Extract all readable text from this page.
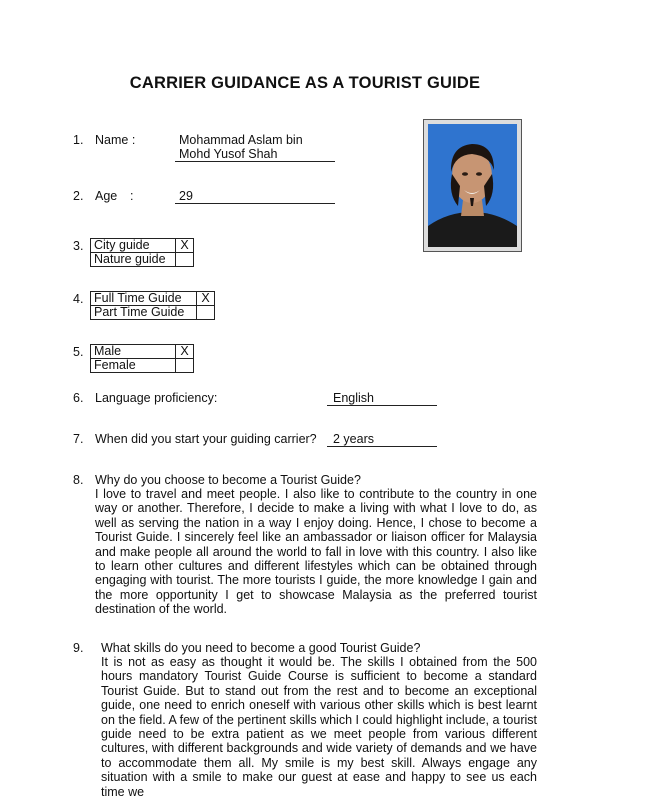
CARRIER GUIDANCE AS A TOURIST GUIDE
1. Name :	Mohammad Aslam bin
Mohd Yusof Shah
2. Age :	29
3. City guide	X
Nature guide	
4. Full Time Guide	X
Part Time Guide	
5. Male	X
Female	
6. Language proficiency:	English
7. When did you start your guiding carrier?	2 years
8. Why do you choose to become a Tourist Guide?
I love to travel and meet people. I also like to contribute to the country in one way or another. Therefore, I decide to make a living with what I love to do, as well as serving the nation in a way I enjoy doing. Hence, I chose to become a Tourist Guide. I sincerely feel like an ambassador or liaison officer for Malaysia and make people all around the world to fall in love with this country. I also like to learn other cultures and different lifestyles which can be obtained through engaging with tourist. The more tourists I guide, the more knowledge I gain and the more opportunity I get to showcase Malaysia as the preferred tourist destination of the world.
9.	What skills do you need to become a good Tourist Guide?
It is not as easy as thought it would be. The skills I obtained from the 500 hours mandatory Tourist Guide Course is sufficient to become a standard Tourist Guide. But to stand out from the rest and to become an exceptional guide, one need to enrich oneself with various other skills which is best learnt on the field. A few of the pertinent skills which I could highlight include, a tourist guide need to be extra patient as we meet people from various different cultures, with different backgrounds and wide variety of demands and we have to accommodate them all. My smile is my best skill. Always engage any situation with a smile to make our guest at ease and happy to see us each time we
